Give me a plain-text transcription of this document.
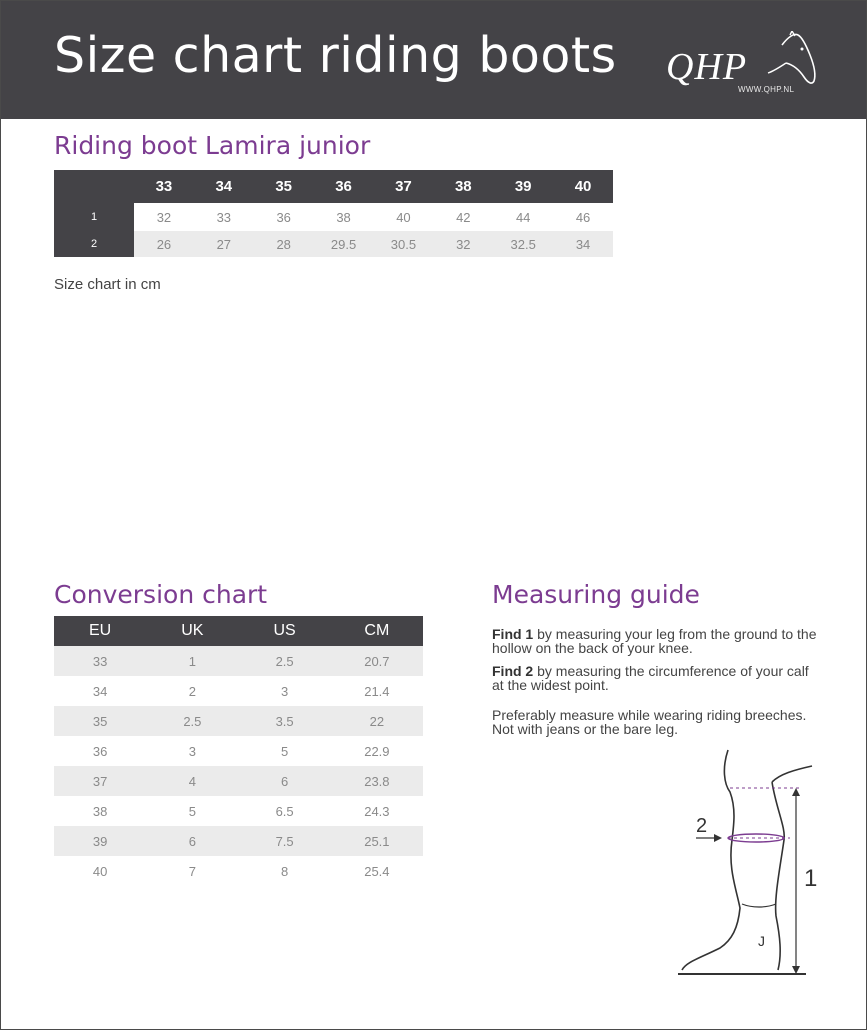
Size chart riding boots QHP
WWW.QHP.NL
Riding boot Lamira junior
	33	34	35	36	37	38	39	40
1	32	33	36	38	40	42	44	46
2	26	27	28	29.5	30.5	32	32.5	34
Size chart in cm
Conversion chart
EU	UK	US	CM
33	1	2.5	20.7
34	2	3	21.4
35	2.5	3.5	22
36	3	5	22.9
37	4	6	23.8
38	5	6.5	24.3
39	6	7.5	25.1
40	7	8	25.4
Measuring guide
Find 1 by measuring your leg from the ground to the hollow on the back of your knee.
Find 2 by measuring the circumference of your calf at the widest point.
Preferably measure while wearing riding breeches. Not with jeans or the bare leg.
2
1
J
